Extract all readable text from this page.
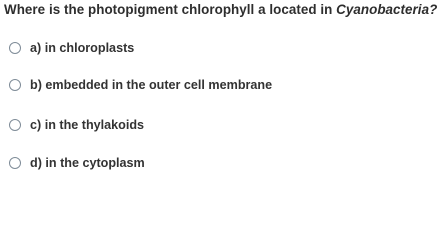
Where is the photopigment chlorophyll a located in Cyanobacteria?
a) in chloroplasts
b) embedded in the outer cell membrane
c) in the thylakoids
d) in the cytoplasm
